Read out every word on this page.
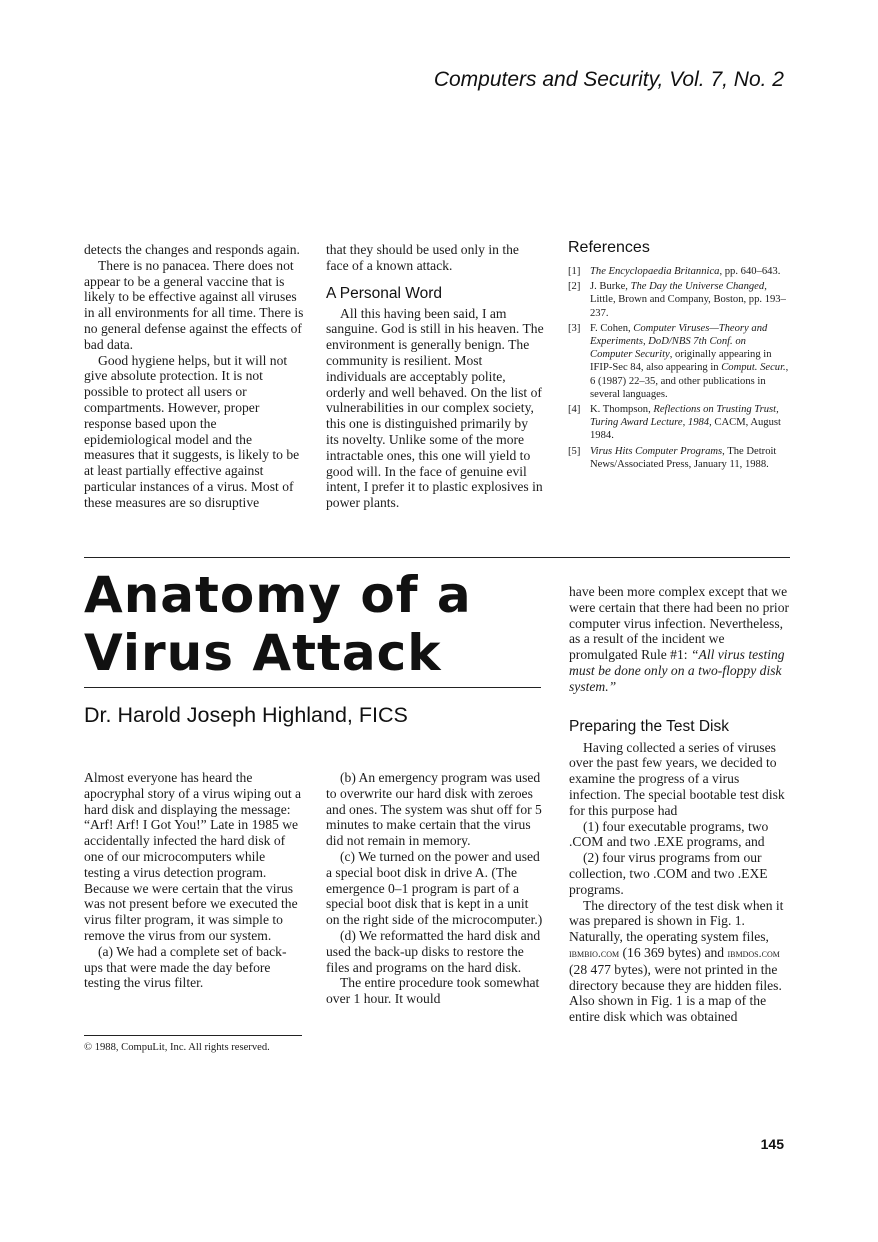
Computers and Security, Vol. 7, No. 2

detects the changes and responds again.

There is no panacea. There does not appear to be a general vaccine that is likely to be effective against all viruses in all environments for all time. There is no general defense against the effects of bad data.

Good hygiene helps, but it will not give absolute protection. It is not possible to protect all users or compartments. However, proper response based upon the epidemiological model and the measures that it suggests, is likely to be at least partially effective against particular instances of a virus. Most of these measures are so disruptive

that they should be used only in the face of a known attack.

A Personal Word

All this having been said, I am sanguine. God is still in his heaven. The environment is generally benign. The community is resilient. Most individuals are acceptably polite, orderly and well behaved. On the list of vulnerabilities in our complex society, this one is distinguished primarily by its novelty. Unlike some of the more intractable ones, this one will yield to good will. In the face of genuine evil intent, I prefer it to plastic explosives in power plants.

References
[1] The Encyclopaedia Britannica, pp. 640–643.
[2] J. Burke, The Day the Universe Changed, Little, Brown and Company, Boston, pp. 193–237.
[3] F. Cohen, Computer Viruses—Theory and Experiments, DoD/NBS 7th Conf. on Computer Security, originally appearing in IFIP-Sec 84, also appearing in Comput. Secur., 6 (1987) 22–35, and other publications in several languages.
[4] K. Thompson, Reflections on Trusting Trust, Turing Award Lecture, 1984, CACM, August 1984.
[5] Virus Hits Computer Programs, The Detroit News/Associated Press, January 11, 1988.
Anatomy of a
Virus Attack
Dr. Harold Joseph Highland, FICS

Almost everyone has heard the apocryphal story of a virus wiping out a hard disk and displaying the message: “Arf! Arf! I Got You!” Late in 1985 we accidentally infected the hard disk of one of our microcomputers while testing a virus detection program. Because we were certain that the virus was not present before we executed the virus filter program, it was simple to remove the virus from our system.

(a) We had a complete set of back-ups that were made the day before testing the virus filter.

(b) An emergency program was used to overwrite our hard disk with zeroes and ones. The system was shut off for 5 minutes to make certain that the virus did not remain in memory.

(c) We turned on the power and used a special boot disk in drive A. (The emergence 0–1 program is part of a special boot disk that is kept in a unit on the right side of the microcomputer.)

(d) We reformatted the hard disk and used the back-up disks to restore the files and programs on the hard disk.

The entire procedure took somewhat over 1 hour. It would

have been more complex except that we were certain that there had been no prior computer virus infection. Nevertheless, as a result of the incident we promulgated Rule #1: “All virus testing must be done only on a two-floppy disk system.”

Preparing the Test Disk

Having collected a series of viruses over the past few years, we decided to examine the progress of a virus infection. The special bootable test disk for this purpose had

(1) four executable programs, two .COM and two .EXE programs, and

(2) four virus programs from our collection, two .COM and two .EXE programs.

The directory of the test disk when it was prepared is shown in Fig. 1. Naturally, the operating system files, ibmbio.com (16 369 bytes) and ibmdos.com (28 477 bytes), were not printed in the directory because they are hidden files. Also shown in Fig. 1 is a map of the entire disk which was obtained

© 1988, CompuLit, Inc. All rights reserved.
145
